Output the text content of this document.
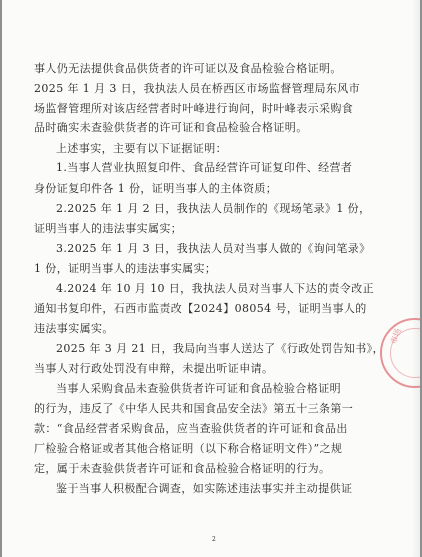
事人仍无法提供食品供货者的许可证以及食品检验合格证明。
2025 年 1 月 3 日，我执法人员在桥西区市场监督管理局东风市
场监督管理所对该店经营者时叶峰进行询问，时叶峰表示采购食
品时确实未查验供货者的许可证和食品检验合格证明。
上述事实，主要有以下证据证明：
1.当事人营业执照复印件、食品经营许可证复印件、经营者
身份证复印件各 1 份，证明当事人的主体资质；
2.2025 年 1 月 2 日，我执法人员制作的《现场笔录》1 份，
证明当事人的违法事实属实；
3.2025 年 1 月 3 日，我执法人员对当事人做的《询问笔录》
1 份，证明当事人的违法事实属实；
4.2024 年 10 月 10 日，我执法人员对当事人下达的责令改正
通知书复印件，石西市监责改【2024】08054 号，证明当事人的
违法事实属实。
2025 年 3 月 21 日，我局向当事人送达了《行政处罚告知书》，
当事人对行政处罚没有申辩，未提出听证申请。
当事人采购食品未查验供货者许可证和食品检验合格证明
的行为，违反了《中华人民共和国食品安全法》第五十三条第一
款：“食品经营者采购食品，应当查验供货者的许可证和食品出
厂检验合格证或者其他合格证明（以下称合格证明文件）”之规
定，属于未查验供货者许可证和食品检验合格证明的行为。
鉴于当事人积极配合调查，如实陈述违法事实并主动提供证
市场
2
